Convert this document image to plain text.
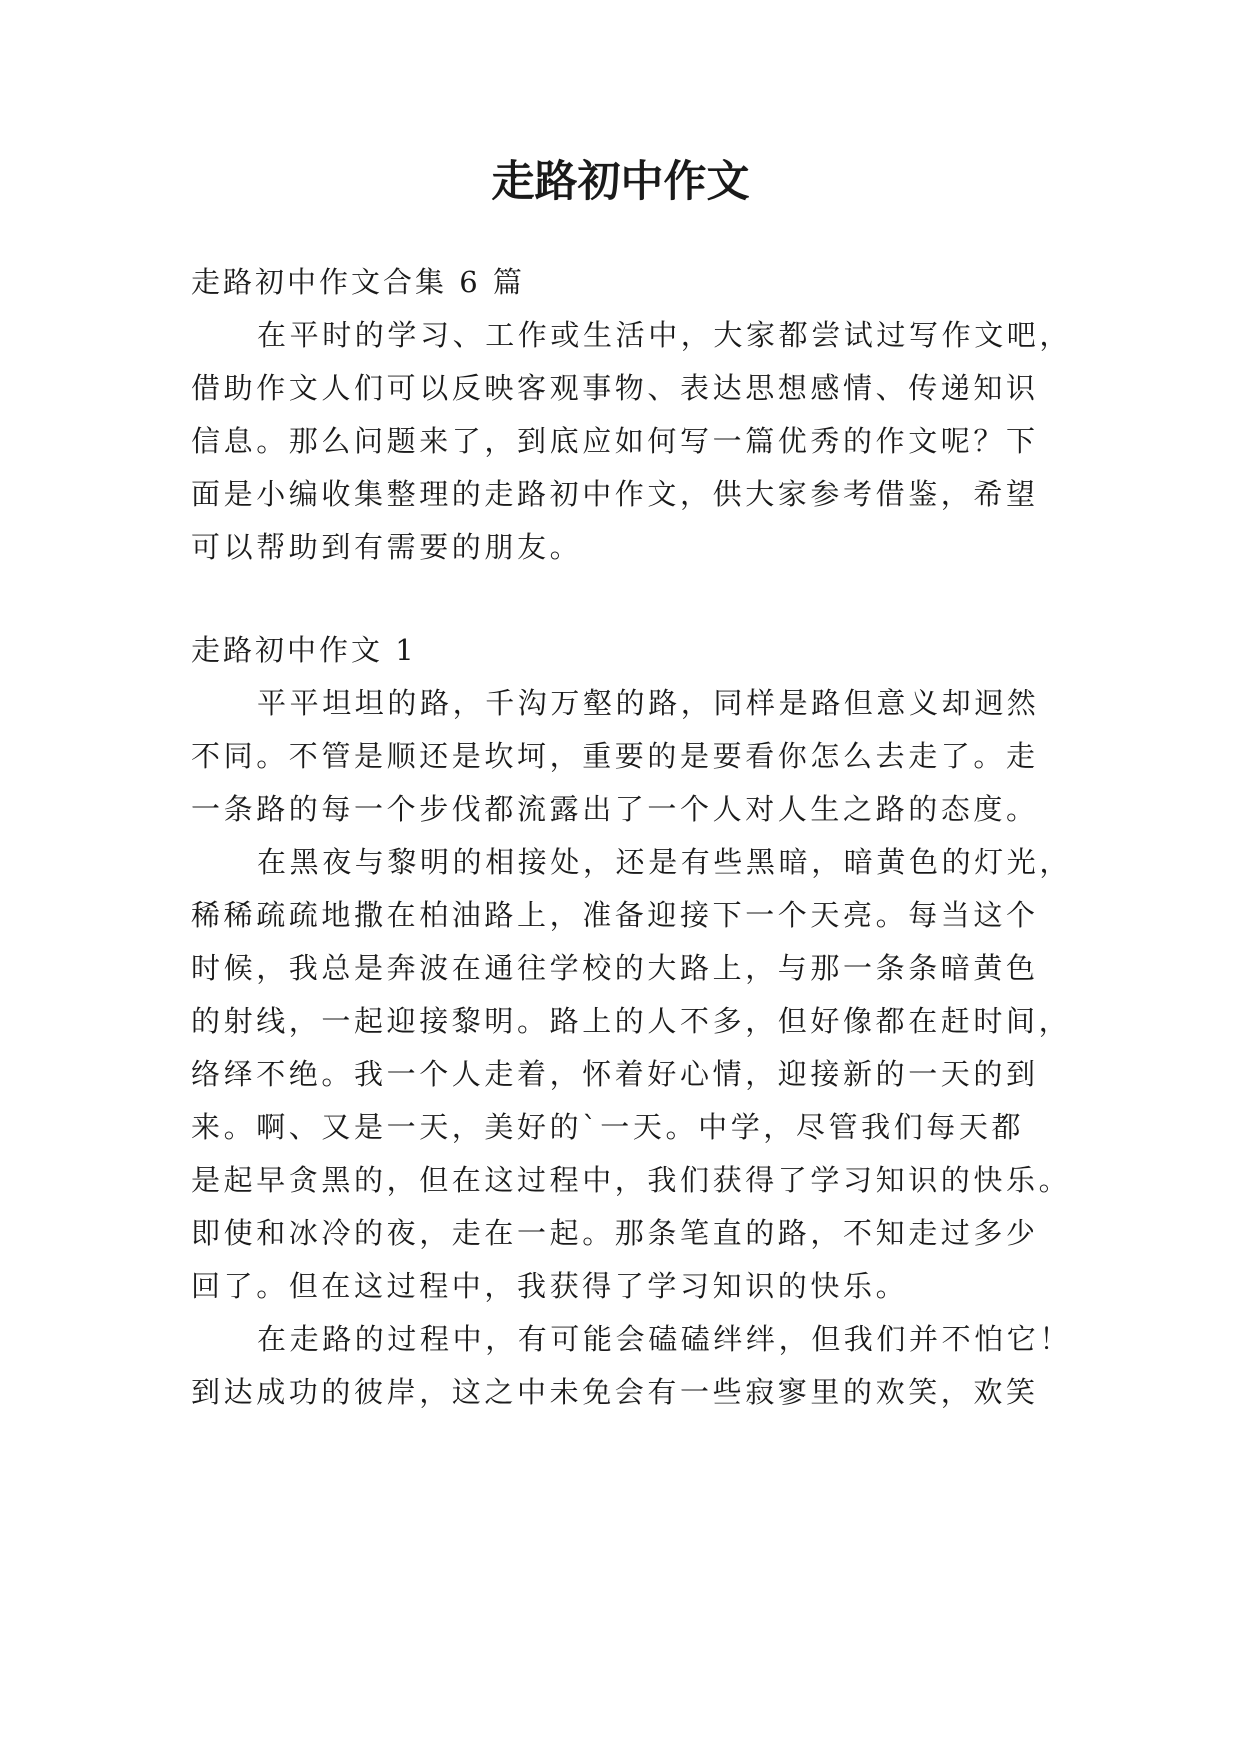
走路初中作文

走路初中作文合集 6 篇

在平时的学习、工作或生活中，大家都尝试过写作文吧，

借助作文人们可以反映客观事物、表达思想感情、传递知识

信息。那么问题来了，到底应如何写一篇优秀的作文呢？下

面是小编收集整理的走路初中作文，供大家参考借鉴，希望

可以帮助到有需要的朋友。

走路初中作文 1

平平坦坦的路，千沟万壑的路，同样是路但意义却迥然

不同。不管是顺还是坎坷，重要的是要看你怎么去走了。走

一条路的每一个步伐都流露出了一个人对人生之路的态度。

在黑夜与黎明的相接处，还是有些黑暗，暗黄色的灯光，

稀稀疏疏地撒在柏油路上，准备迎接下一个天亮。每当这个

时候，我总是奔波在通往学校的大路上，与那一条条暗黄色

的射线，一起迎接黎明。路上的人不多，但好像都在赶时间，

络绎不绝。我一个人走着，怀着好心情，迎接新的一天的到

来。啊、又是一天，美好的`一天。中学，尽管我们每天都

是起早贪黑的，但在这过程中，我们获得了学习知识的快乐。

即使和冰冷的夜，走在一起。那条笔直的路，不知走过多少

回了。但在这过程中，我获得了学习知识的快乐。

在走路的过程中，有可能会磕磕绊绊，但我们并不怕它！

到达成功的彼岸，这之中未免会有一些寂寥里的欢笑，欢笑
